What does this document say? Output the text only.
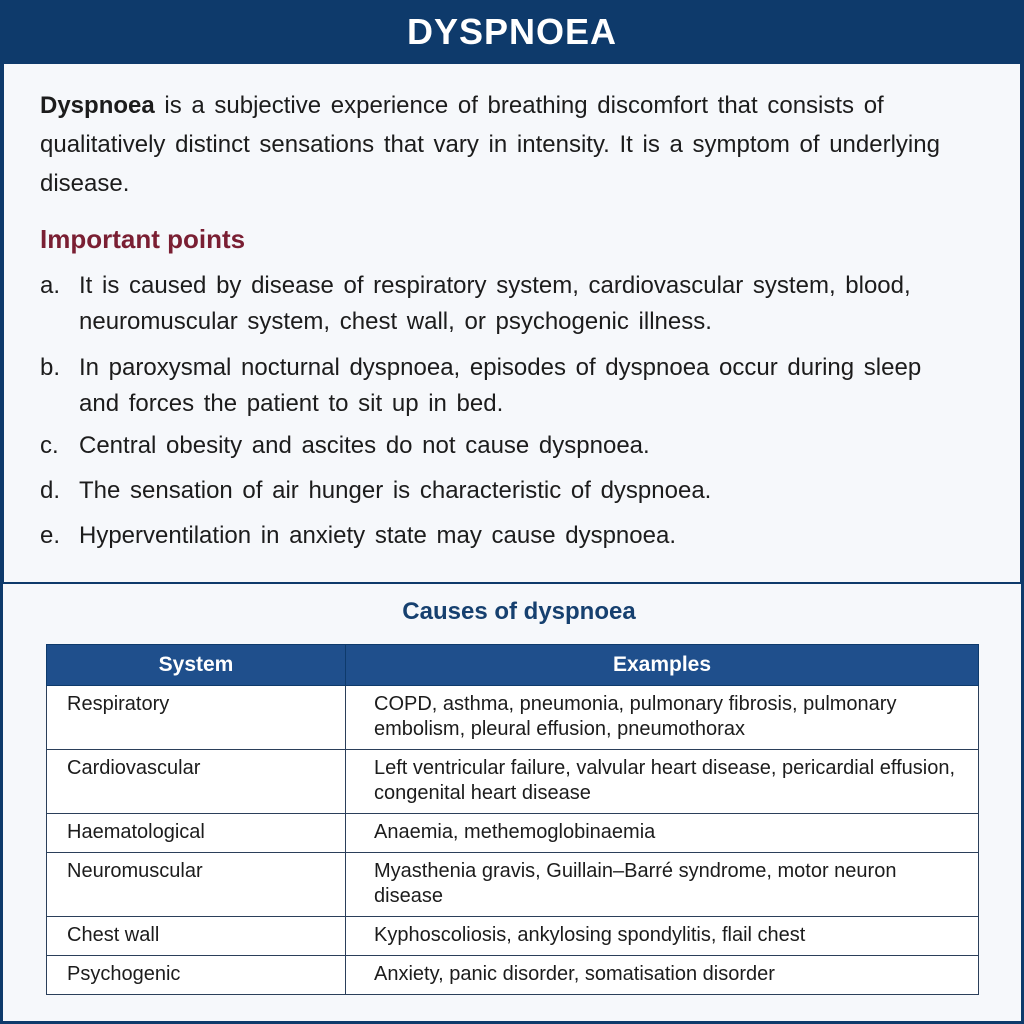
DYSPNOEA
Dyspnoea is a subjective experience of breathing discomfort that consists of qualitatively distinct sensations that vary in intensity. It is a symptom of underlying disease.
Important points
a. It is caused by disease of respiratory system, cardiovascular system, blood, neuromuscular system, chest wall, or psychogenic illness.
b. In paroxysmal nocturnal dyspnoea, episodes of dyspnoea occur during sleep and forces the patient to sit up in bed.
c. Central obesity and ascites do not cause dyspnoea.
d. The sensation of air hunger is characteristic of dyspnoea.
e. Hyperventilation in anxiety state may cause dyspnoea.
Causes of dyspnoea
System	Examples
Respiratory	COPD, asthma, pneumonia, pulmonary fibrosis, pulmonary embolism, pleural effusion, pneumothorax
Cardiovascular	Left ventricular failure, valvular heart disease, pericardial effusion, congenital heart disease
Haematological	Anaemia, methemoglobinaemia
Neuromuscular	Myasthenia gravis, Guillain–Barré syndrome, motor neuron disease
Chest wall	Kyphoscoliosis, ankylosing spondylitis, flail chest
Psychogenic	Anxiety, panic disorder, somatisation disorder
